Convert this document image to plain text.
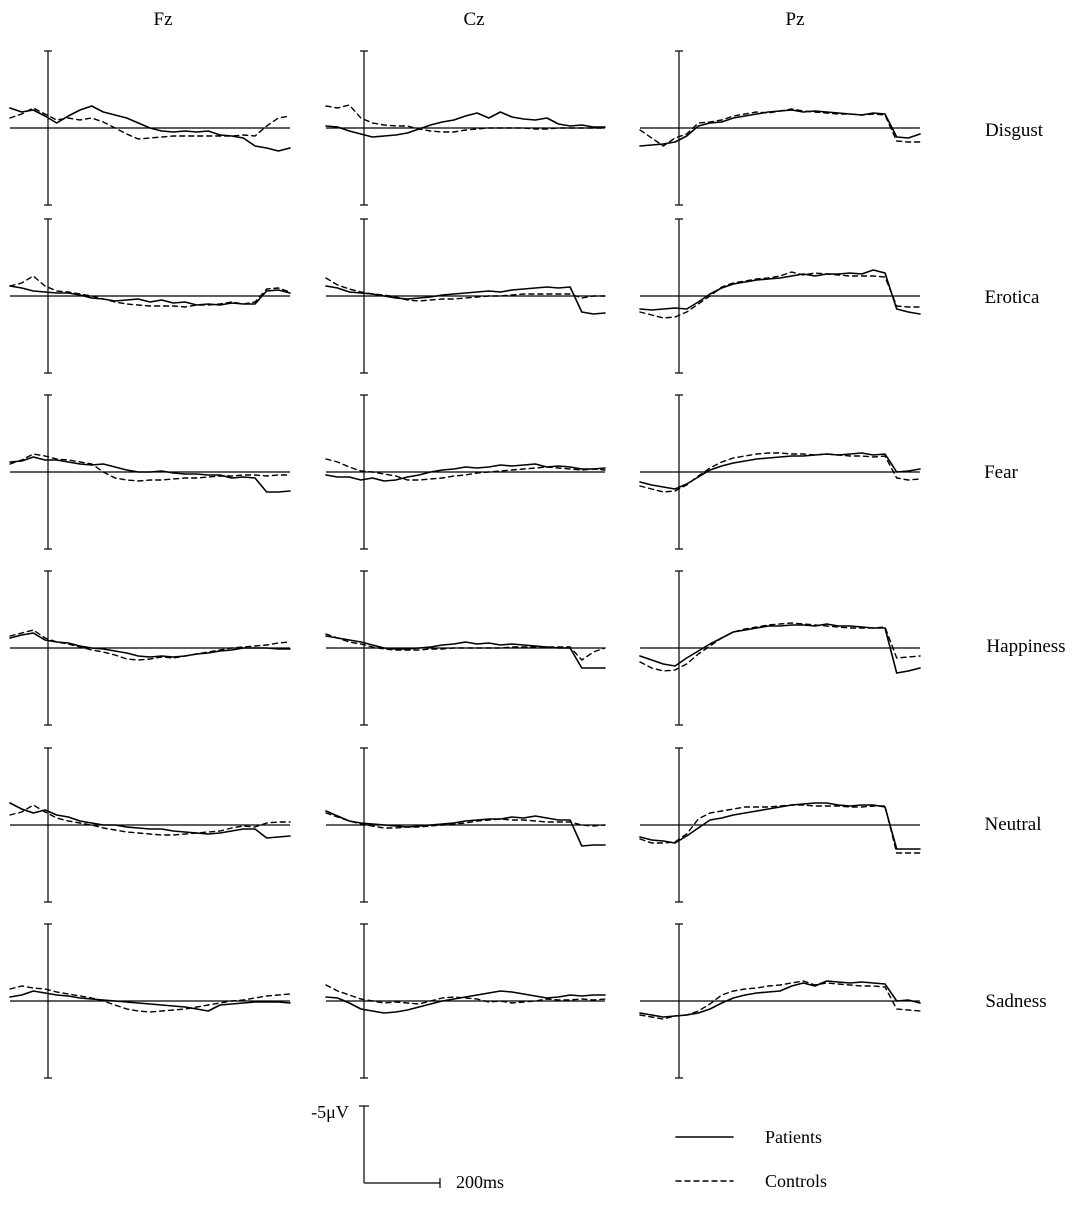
Fz	Cz	Pz
Disgust
Erotica
Fear
Happiness
Neutral
Sadness
-5μV
200ms
Patients
Controls
